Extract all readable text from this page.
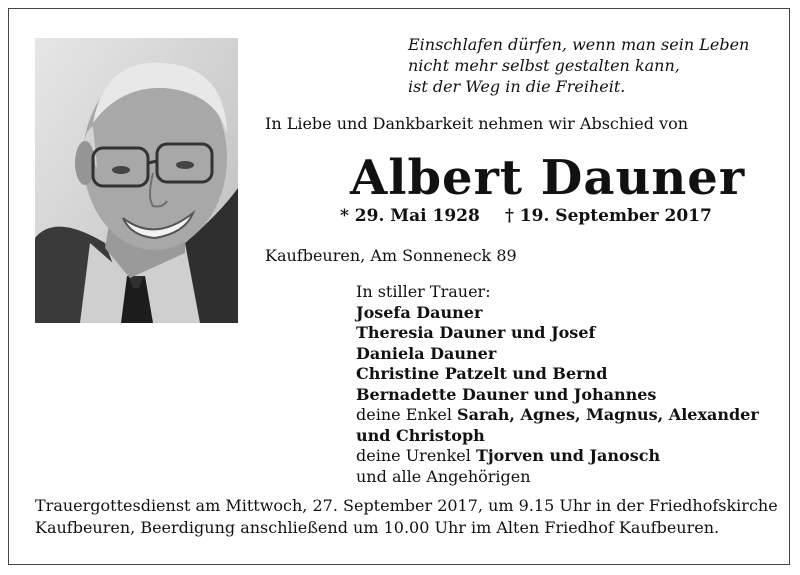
Einschlafen dürfen, wenn man sein Leben
nicht mehr selbst gestalten kann,
ist der Weg in die Freiheit.
In Liebe und Dankbarkeit nehmen wir Abschied von
Albert Dauner
* 29. Mai 1928 † 19. September 2017
Kaufbeuren, Am Sonneneck 89
In stiller Trauer:
Josefa Dauner
Theresia Dauner und Josef
Daniela Dauner
Christine Patzelt und Bernd
Bernadette Dauner und Johannes
deine Enkel Sarah, Agnes, Magnus, Alexander
und Christoph
deine Urenkel Tjorven und Janosch
und alle Angehörigen
Trauergottesdienst am Mittwoch, 27. September 2017, um 9.15 Uhr in der Friedhofskirche
Kaufbeuren, Beerdigung anschließend um 10.00 Uhr im Alten Friedhof Kaufbeuren.
